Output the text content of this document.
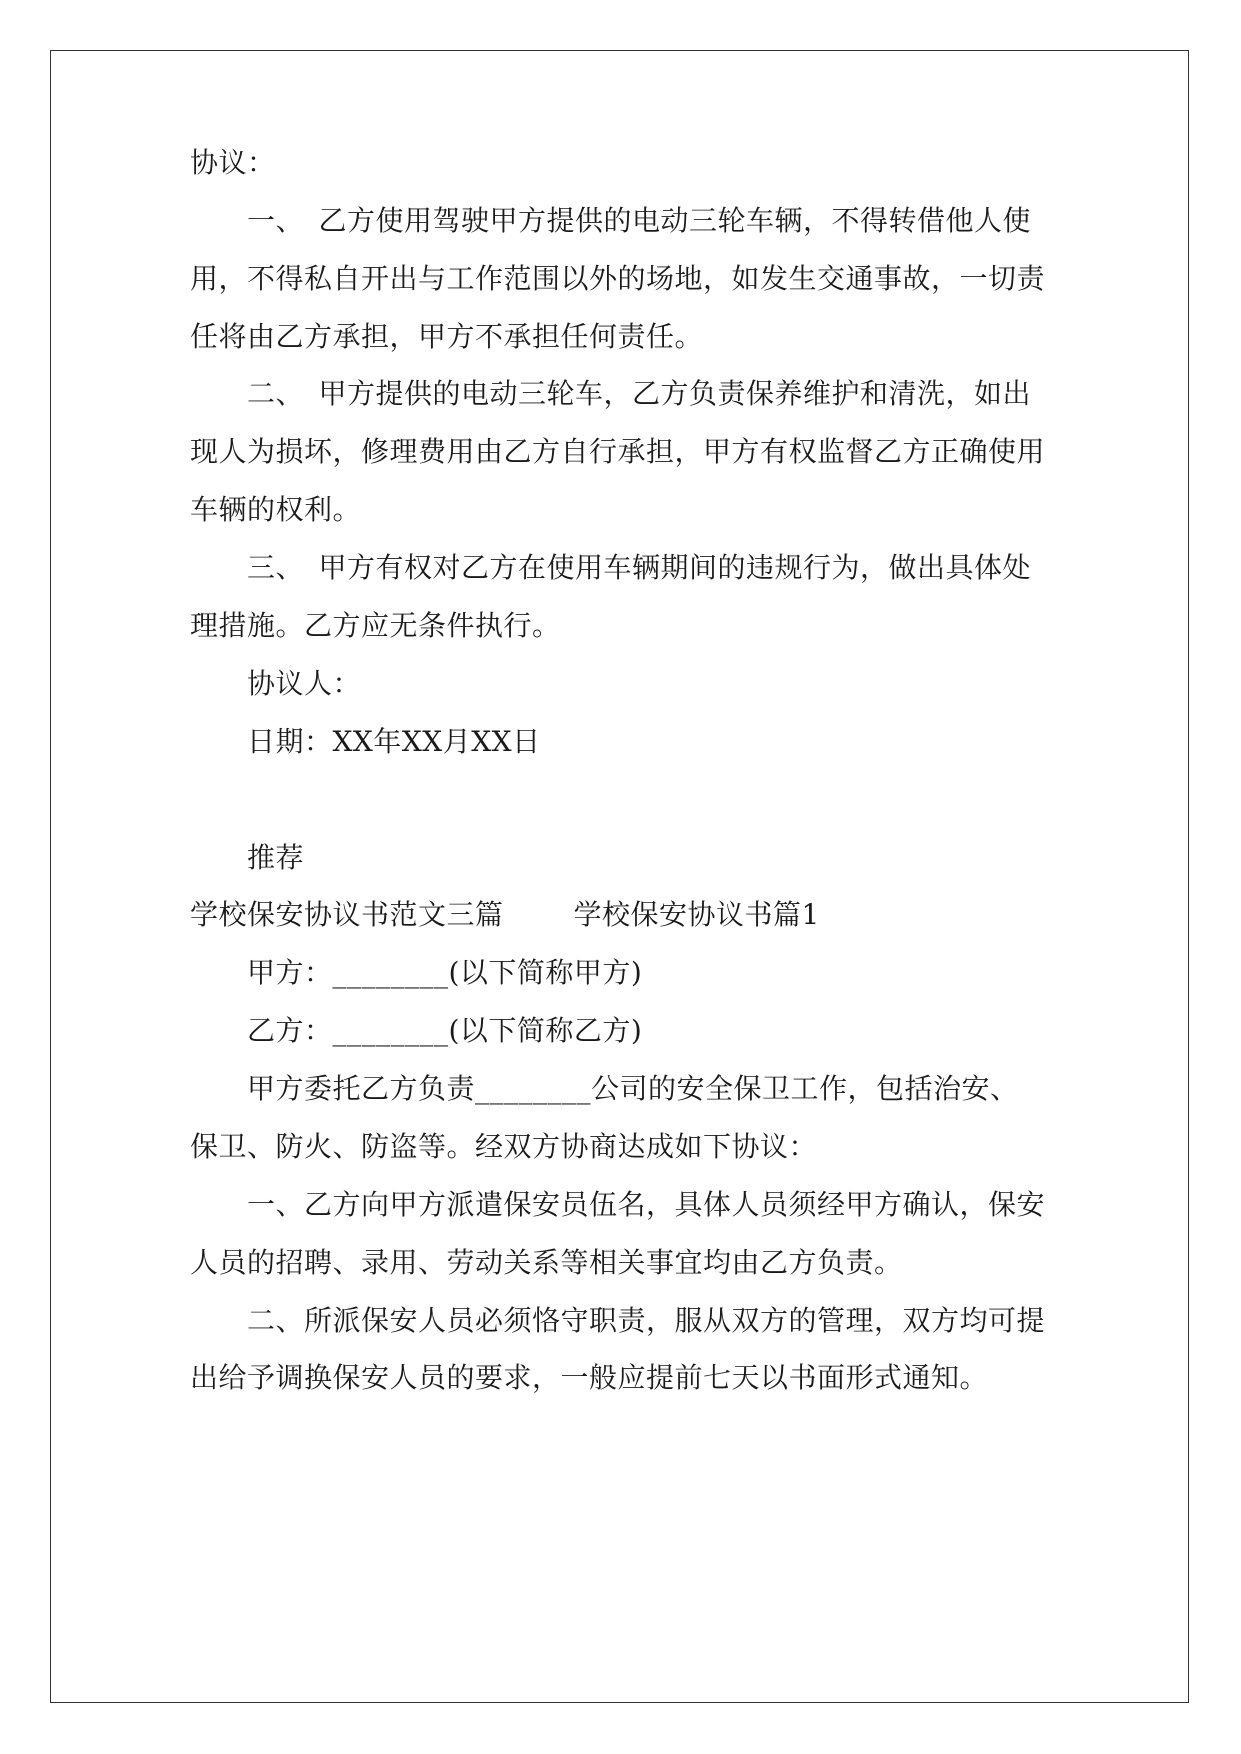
协议：
一、　乙方使用驾驶甲方提供的电动三轮车辆，不得转借他人使
用，不得私自开出与工作范围以外的场地，如发生交通事故，一切责
任将由乙方承担，甲方不承担任何责任。
二、　甲方提供的电动三轮车，乙方负责保养维护和清洗，如出
现人为损坏，修理费用由乙方自行承担，甲方有权监督乙方正确使用
车辆的权利。
三、　甲方有权对乙方在使用车辆期间的违规行为，做出具体处
理措施。乙方应无条件执行。
协议人：
日期：XX年XX月XX日
推荐
学校保安协议书范文三篇	学校保安协议书篇1
甲方：________(以下简称甲方)
乙方：________(以下简称乙方)
甲方委托乙方负责________公司的安全保卫工作，包括治安、
保卫、防火、防盗等。经双方协商达成如下协议：
一、乙方向甲方派遣保安员伍名，具体人员须经甲方确认，保安
人员的招聘、录用、劳动关系等相关事宜均由乙方负责。
二、所派保安人员必须恪守职责，服从双方的管理，双方均可提
出给予调换保安人员的要求，一般应提前七天以书面形式通知。
